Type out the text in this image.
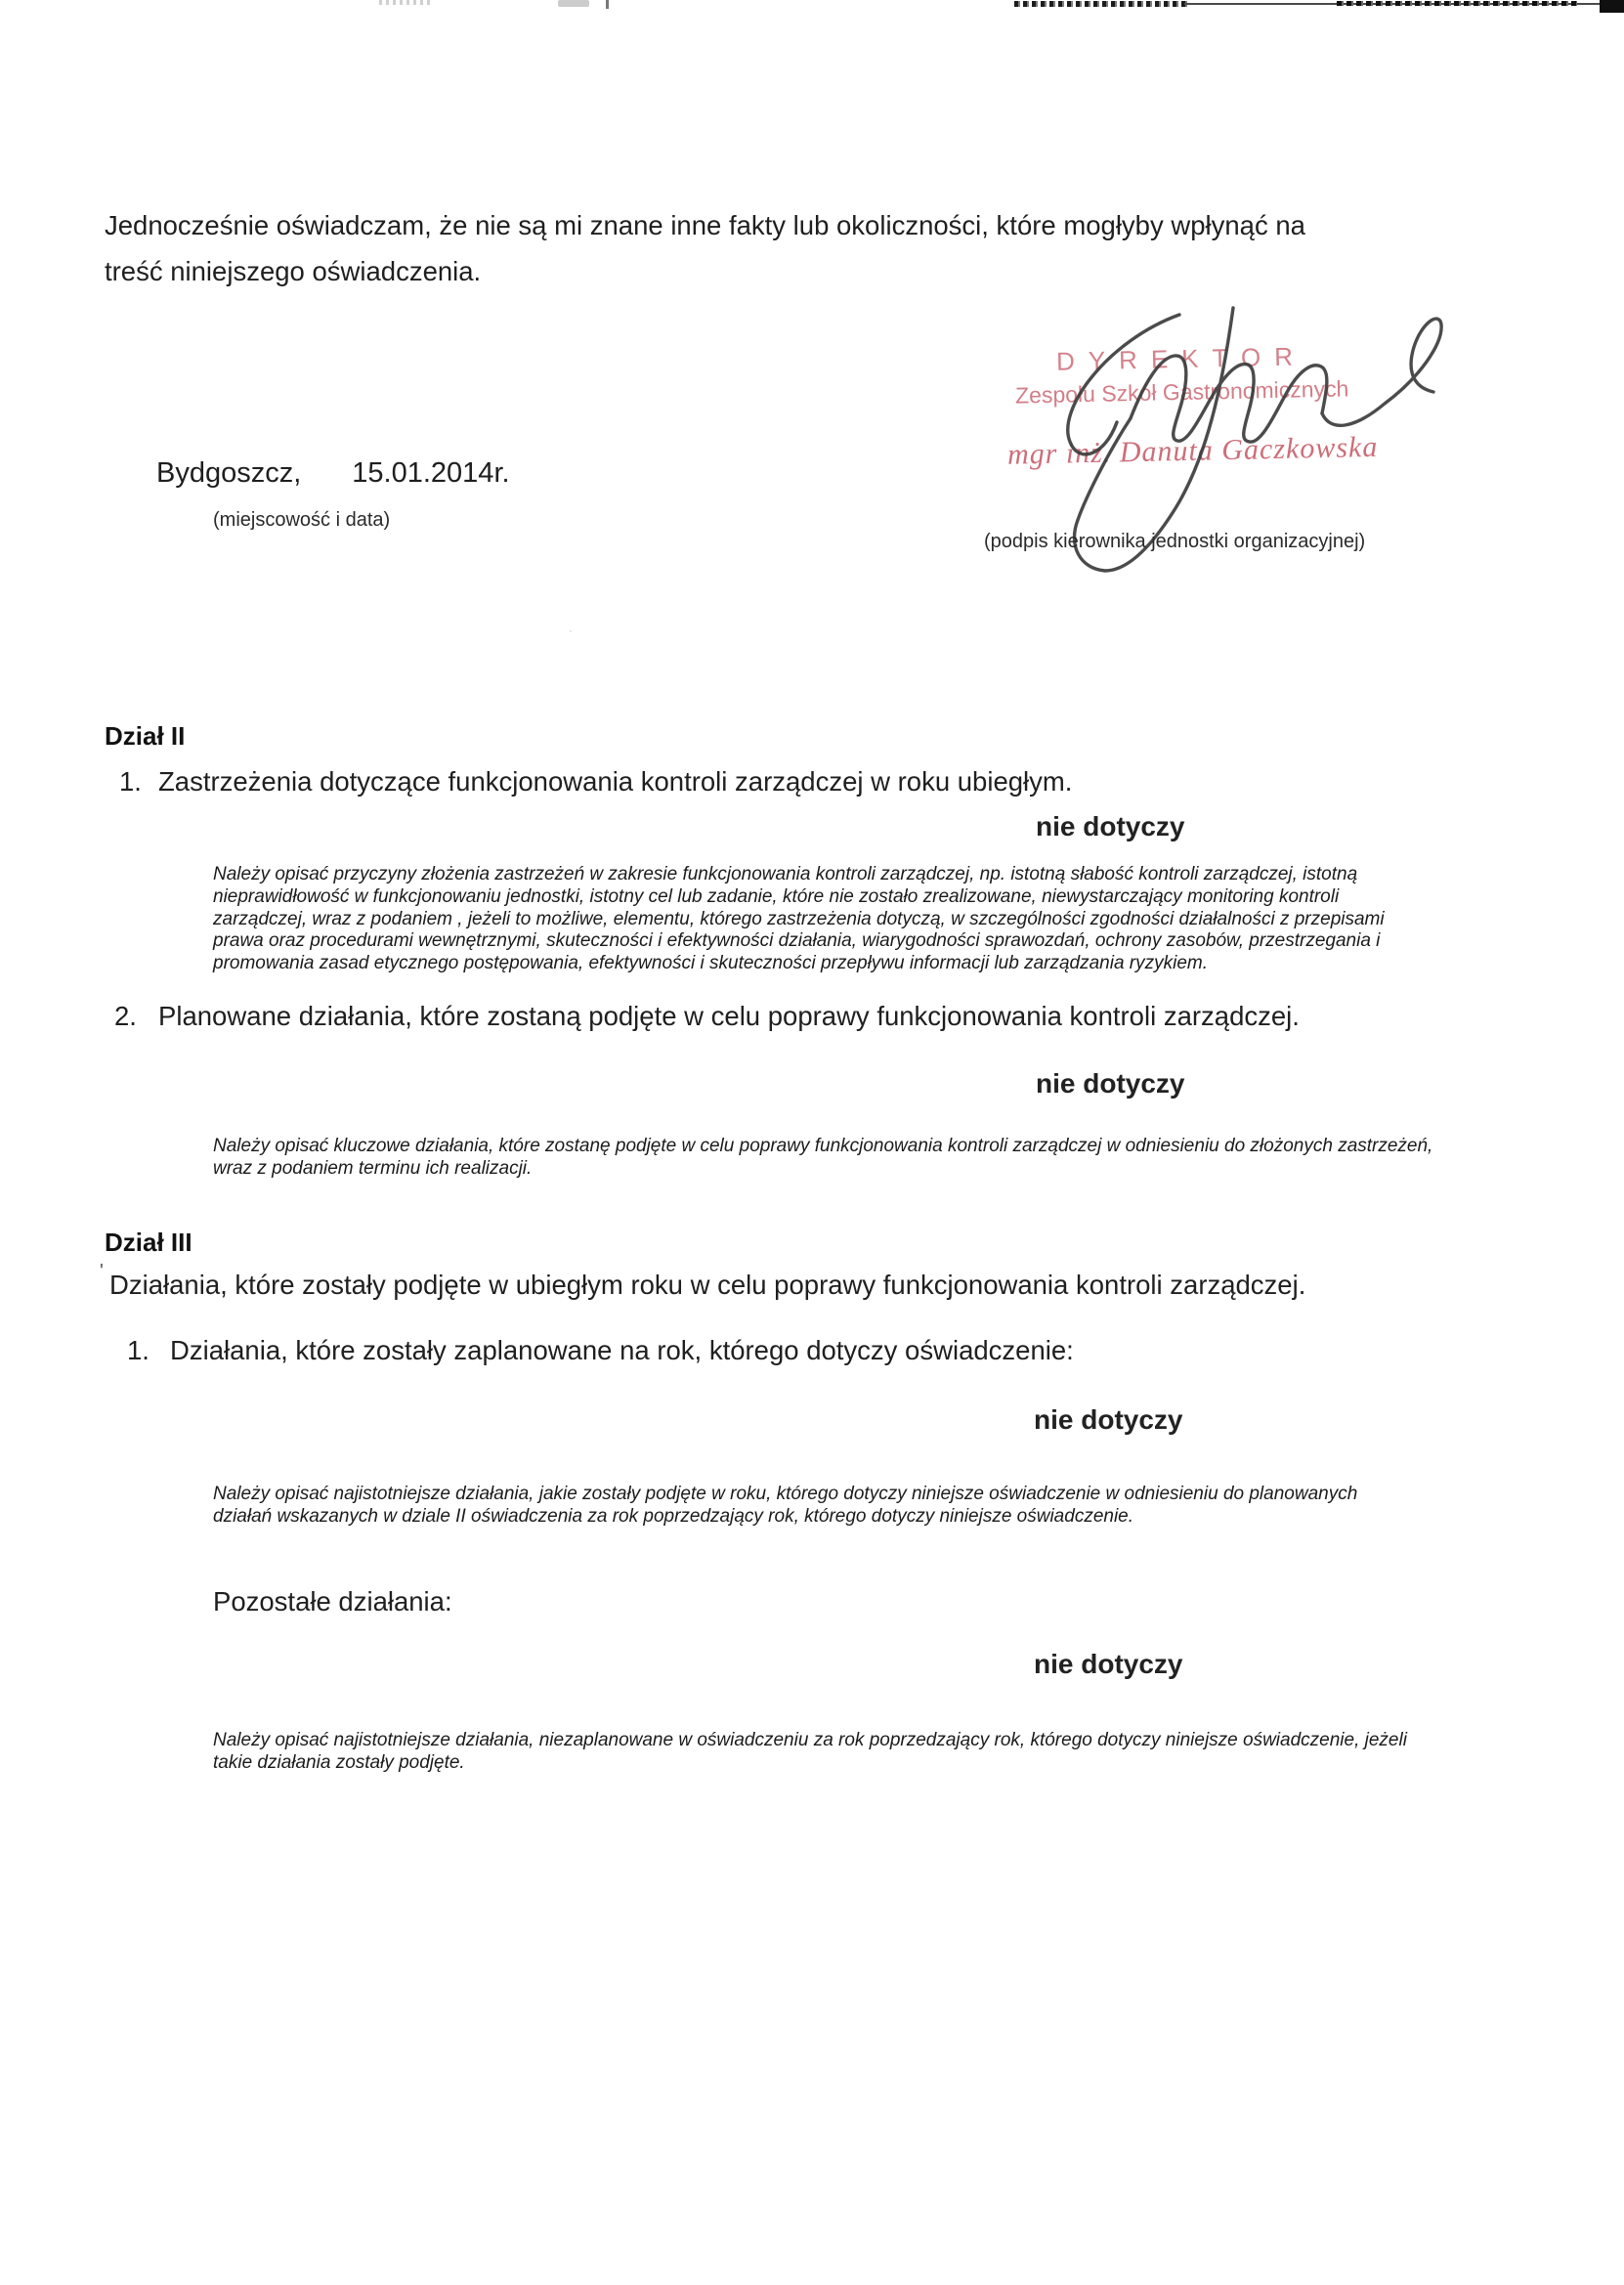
Jednocześnie oświadczam, że nie są mi znane inne fakty lub okoliczności, które mogłyby wpłynąć na treść niniejszego oświadczenia.
Bydgoszcz, 15.01.2014r.
(miejscowość i data)
DYREKTOR
Zespołu Szkół Gastronomicznych
mgr inż. Danuta Gaczkowska
(podpis kierownika jednostki organizacyjnej)
·
Dział II
1. Zastrzeżenia dotyczące funkcjonowania kontroli zarządczej w roku ubiegłym.
nie dotyczy
Należy opisać przyczyny złożenia zastrzeżeń w zakresie funkcjonowania kontroli zarządczej, np. istotną słabość kontroli zarządczej, istotną nieprawidłowość w funkcjonowaniu jednostki, istotny cel lub zadanie, które nie zostało zrealizowane, niewystarczający monitoring kontroli zarządczej, wraz z podaniem , jeżeli to możliwe, elementu, którego zastrzeżenia dotyczą, w szczególności zgodności działalności z przepisami prawa oraz procedurami wewnętrznymi, skuteczności i efektywności działania, wiarygodności sprawozdań, ochrony zasobów, przestrzegania i promowania zasad etycznego postępowania, efektywności i skuteczności przepływu informacji lub zarządzania ryzykiem.
2. Planowane działania, które zostaną podjęte w celu poprawy funkcjonowania kontroli zarządczej.
nie dotyczy
Należy opisać kluczowe działania, które zostanę podjęte w celu poprawy funkcjonowania kontroli zarządczej w odniesieniu do złożonych zastrzeżeń, wraz z podaniem terminu ich realizacji.
Dział III
' Działania, które zostały podjęte w ubiegłym roku w celu poprawy funkcjonowania kontroli zarządczej.
1. Działania, które zostały zaplanowane na rok, którego dotyczy oświadczenie:
nie dotyczy
Należy opisać najistotniejsze działania, jakie zostały podjęte w roku, którego dotyczy niniejsze oświadczenie w odniesieniu do planowanych działań wskazanych w dziale II oświadczenia za rok poprzedzający rok, którego dotyczy niniejsze oświadczenie.
Pozostałe działania:
nie dotyczy
Należy opisać najistotniejsze działania, niezaplanowane w oświadczeniu za rok poprzedzający rok, którego dotyczy niniejsze oświadczenie, jeżeli takie działania zostały podjęte.
